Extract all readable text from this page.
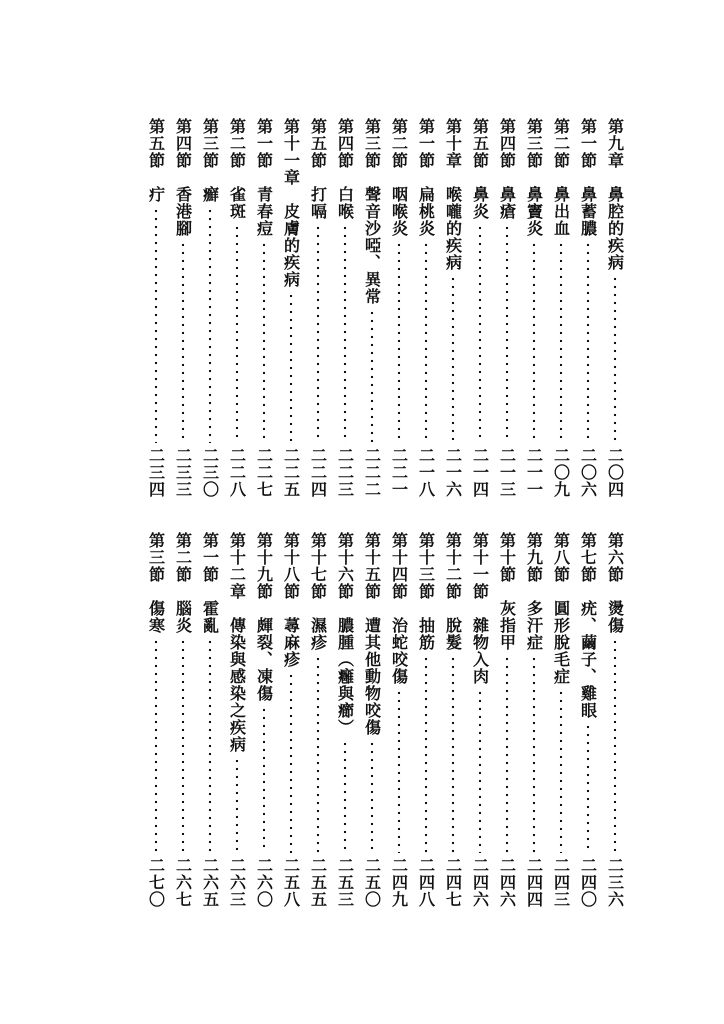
第九章　鼻腔的疾病
二〇四
第一節　鼻蓄膿
二〇六
第二節　鼻出血
二〇九
第三節　鼻竇炎
二一一
第四節　鼻瘡
二一三
第五節　鼻炎
二一四
第十章　喉嚨的疾病
二一六
第一節　扁桃炎
二一八
第二節　咽喉炎
二二一
第三節　聲音沙啞、異常
二二二
第四節　白喉
二二三
第五節　打嗝
二二四
第十一章　皮膚的疾病
二二五
第一節　青春痘
二二七
第二節　雀斑
二二八
第三節　癬
二三〇
第四節　香港腳
二三三
第五節　疔
二三四
第六節　燙傷
二三六
第七節　疣、繭子、雞眼
二四〇
第八節　圓形脫毛症
二四三
第九節　多汗症
二四四
第十節　灰指甲
二四六
第十一節　雜物入肉
二四六
第十二節　脫髮
二四七
第十三節　抽筋
二四八
第十四節　治蛇咬傷
二四九
第十五節　遭其他動物咬傷
二五〇
第十六節　膿腫（癰與癤）
二五三
第十七節　濕疹
二五五
第十八節　蕁麻疹
二五八
第十九節　皹裂、凍傷
二六〇
第十二章　傳染與感染之疾病
二六三
第一節　霍亂
二六五
第二節　腦炎
二六七
第三節　傷寒
二七〇
